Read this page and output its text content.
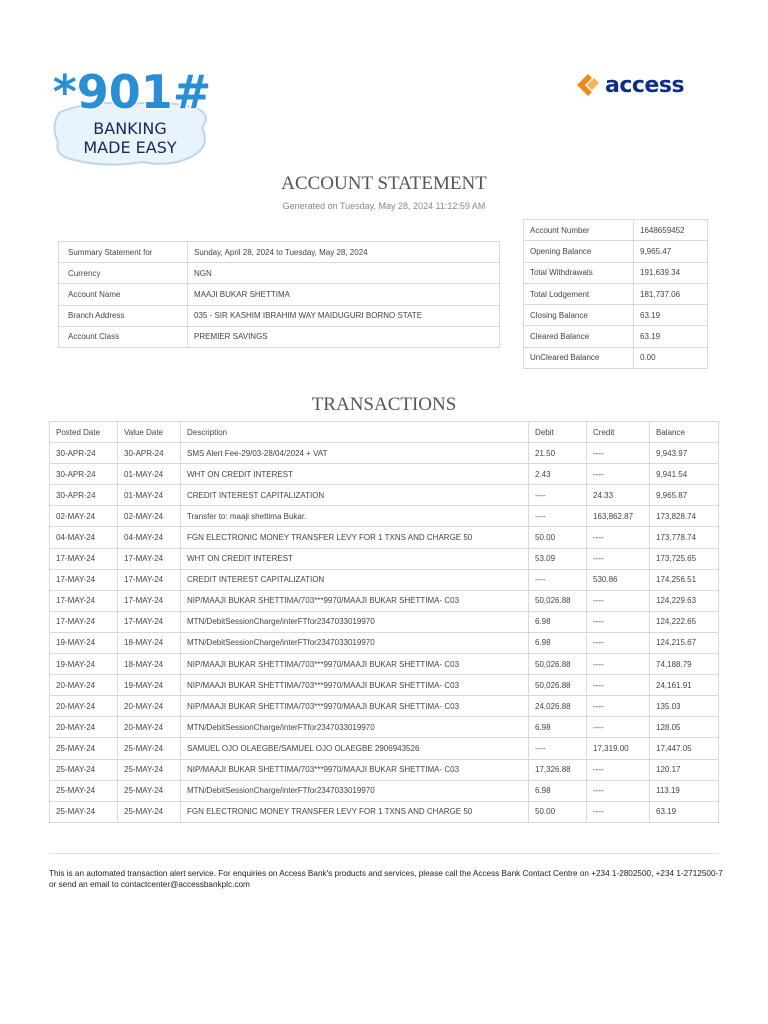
*901#
BANKING
MADE EASY
access
ACCOUNT STATEMENT
Generated on Tuesday, May 28, 2024 11:12:59 AM
Summary Statement for	Sunday, April 28, 2024 to Tuesday, May 28, 2024
Currency	NGN
Account Name	MAAJI BUKAR SHETTIMA
Branch Address	035 - SIR KASHIM IBRAHIM WAY MAIDUGURI BORNO STATE
Account Class	PREMIER SAVINGS
Account Number	1648659452
Opening Balance	9,965.47
Total Withdrawals	191,639.34
Total Lodgement	181,737.06
Closing Balance	63.19
Cleared Balance	63.19
UnCleared Balance	0.00
TRANSACTIONS
Posted Date	Value Date	Description	Debit	Credit	Balance
30-APR-24	30-APR-24	SMS Alert Fee-29/03-28/04/2024 + VAT	21.50	----	9,943.97
30-APR-24	01-MAY-24	WHT ON CREDIT INTEREST	2.43	----	9,941.54
30-APR-24	01-MAY-24	CREDIT INTEREST CAPITALIZATION	----	24.33	9,965.87
02-MAY-24	02-MAY-24	Transfer to: maaji shettima Bukar.	----	163,862.87	173,828.74
04-MAY-24	04-MAY-24	FGN ELECTRONIC MONEY TRANSFER LEVY FOR 1 TXNS AND CHARGE 50	50.00	----	173,778.74
17-MAY-24	17-MAY-24	WHT ON CREDIT INTEREST	53.09	----	173,725.65
17-MAY-24	17-MAY-24	CREDIT INTEREST CAPITALIZATION	----	530.86	174,256.51
17-MAY-24	17-MAY-24	NIP/MAAJI BUKAR SHETTIMA/703***9970/MAAJI BUKAR SHETTIMA- C03	50,026.88	----	124,229.63
17-MAY-24	17-MAY-24	MTN/DebitSessionCharge/interFTfor2347033019970	6.98	----	124,222.65
19-MAY-24	18-MAY-24	MTN/DebitSessionCharge/interFTfor2347033019970	6.98	----	124,215.67
19-MAY-24	18-MAY-24	NIP/MAAJI BUKAR SHETTIMA/703***9970/MAAJI BUKAR SHETTIMA- C03	50,026.88	----	74,188.79
20-MAY-24	19-MAY-24	NIP/MAAJI BUKAR SHETTIMA/703***9970/MAAJI BUKAR SHETTIMA- C03	50,026.88	----	24,161.91
20-MAY-24	20-MAY-24	NIP/MAAJI BUKAR SHETTIMA/703***9970/MAAJI BUKAR SHETTIMA- C03	24,026.88	----	135.03
20-MAY-24	20-MAY-24	MTN/DebitSessionCharge/interFTfor2347033019970	6.98	----	128.05
25-MAY-24	25-MAY-24	SAMUEL OJO OLAEGBE/SAMUEL OJO OLAEGBE 2906943526	----	17,319.00	17,447.05
25-MAY-24	25-MAY-24	NIP/MAAJI BUKAR SHETTIMA/703***9970/MAAJI BUKAR SHETTIMA- C03	17,326.88	----	120.17
25-MAY-24	25-MAY-24	MTN/DebitSessionCharge/interFTfor2347033019970	6.98	----	113.19
25-MAY-24	25-MAY-24	FGN ELECTRONIC MONEY TRANSFER LEVY FOR 1 TXNS AND CHARGE 50	50.00	----	63.19
This is an automated transaction alert service. For enquiries on Access Bank's products and services, please call the Access Bank Contact Centre on +234 1-2802500, +234 1-2712500-7
or send an email to contactcenter@accessbankplc.com
